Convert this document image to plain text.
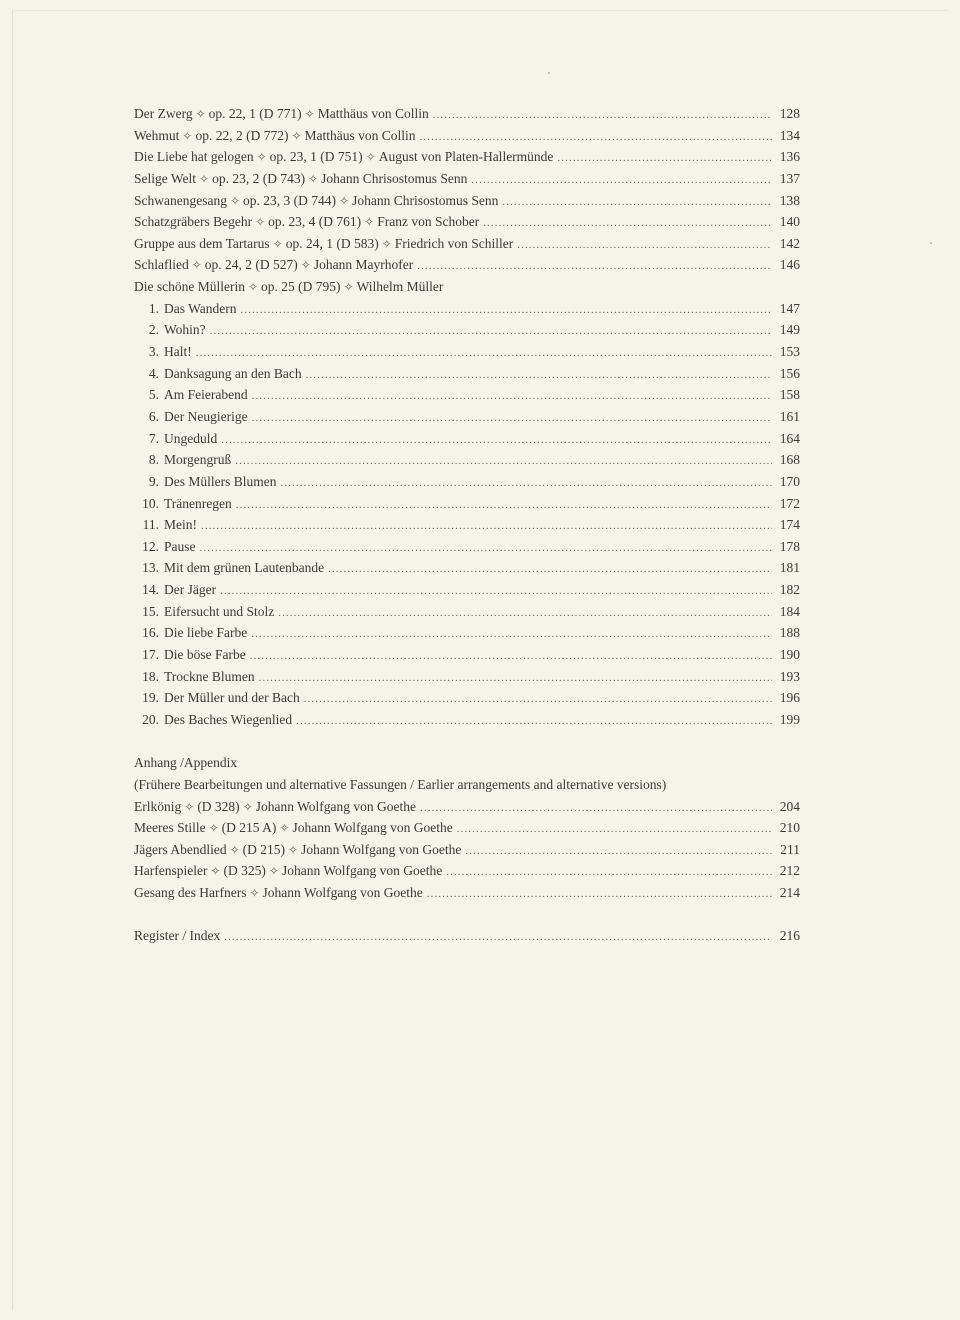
Der Zwerg ✧ op. 22, 1 (D 771) ✧ Matthäus von Collin .....	128
Wehmut ✧ op. 22, 2 (D 772) ✧ Matthäus von Collin .....	134
Die Liebe hat gelogen ✧ op. 23, 1 (D 751) ✧ August von Platen-Hallermünde .....	136
Selige Welt ✧ op. 23, 2 (D 743) ✧ Johann Chrisostomus Senn .....	137
Schwanengesang ✧ op. 23, 3 (D 744) ✧ Johann Chrisostomus Senn .....	138
Schatzgräbers Begehr ✧ op. 23, 4 (D 761) ✧ Franz von Schober .....	140
Gruppe aus dem Tartarus ✧ op. 24, 1 (D 583) ✧ Friedrich von Schiller .....	142
Schlaflied ✧ op. 24, 2 (D 527) ✧ Johann Mayrhofer .....	146
Die schöne Müllerin ✧ op. 25 (D 795) ✧ Wilhelm Müller
1. Das Wandern .....	147
2. Wohin? .....	149
3. Halt! .....	153
4. Danksagung an den Bach .....	156
5. Am Feierabend .....	158
6. Der Neugierige .....	161
7. Ungeduld .....	164
8. Morgengruß .....	168
9. Des Müllers Blumen .....	170
10. Tränenregen .....	172
11. Mein! .....	174
12. Pause .....	178
13. Mit dem grünen Lautenbande .....	181
14. Der Jäger .....	182
15. Eifersucht und Stolz .....	184
16. Die liebe Farbe .....	188
17. Die böse Farbe .....	190
18. Trockne Blumen .....	193
19. Der Müller und der Bach .....	196
20. Des Baches Wiegenlied .....	199
Anhang /Appendix
(Frühere Bearbeitungen und alternative Fassungen / Earlier arrangements and alternative versions)
Erlkönig ✧ (D 328) ✧ Johann Wolfgang von Goethe .....	204
Meeres Stille ✧ (D 215 A) ✧ Johann Wolfgang von Goethe .....	210
Jägers Abendlied ✧ (D 215) ✧ Johann Wolfgang von Goethe .....	211
Harfenspieler ✧ (D 325) ✧ Johann Wolfgang von Goethe .....	212
Gesang des Harfners ✧ Johann Wolfgang von Goethe .....	214
Register / Index .....	216
